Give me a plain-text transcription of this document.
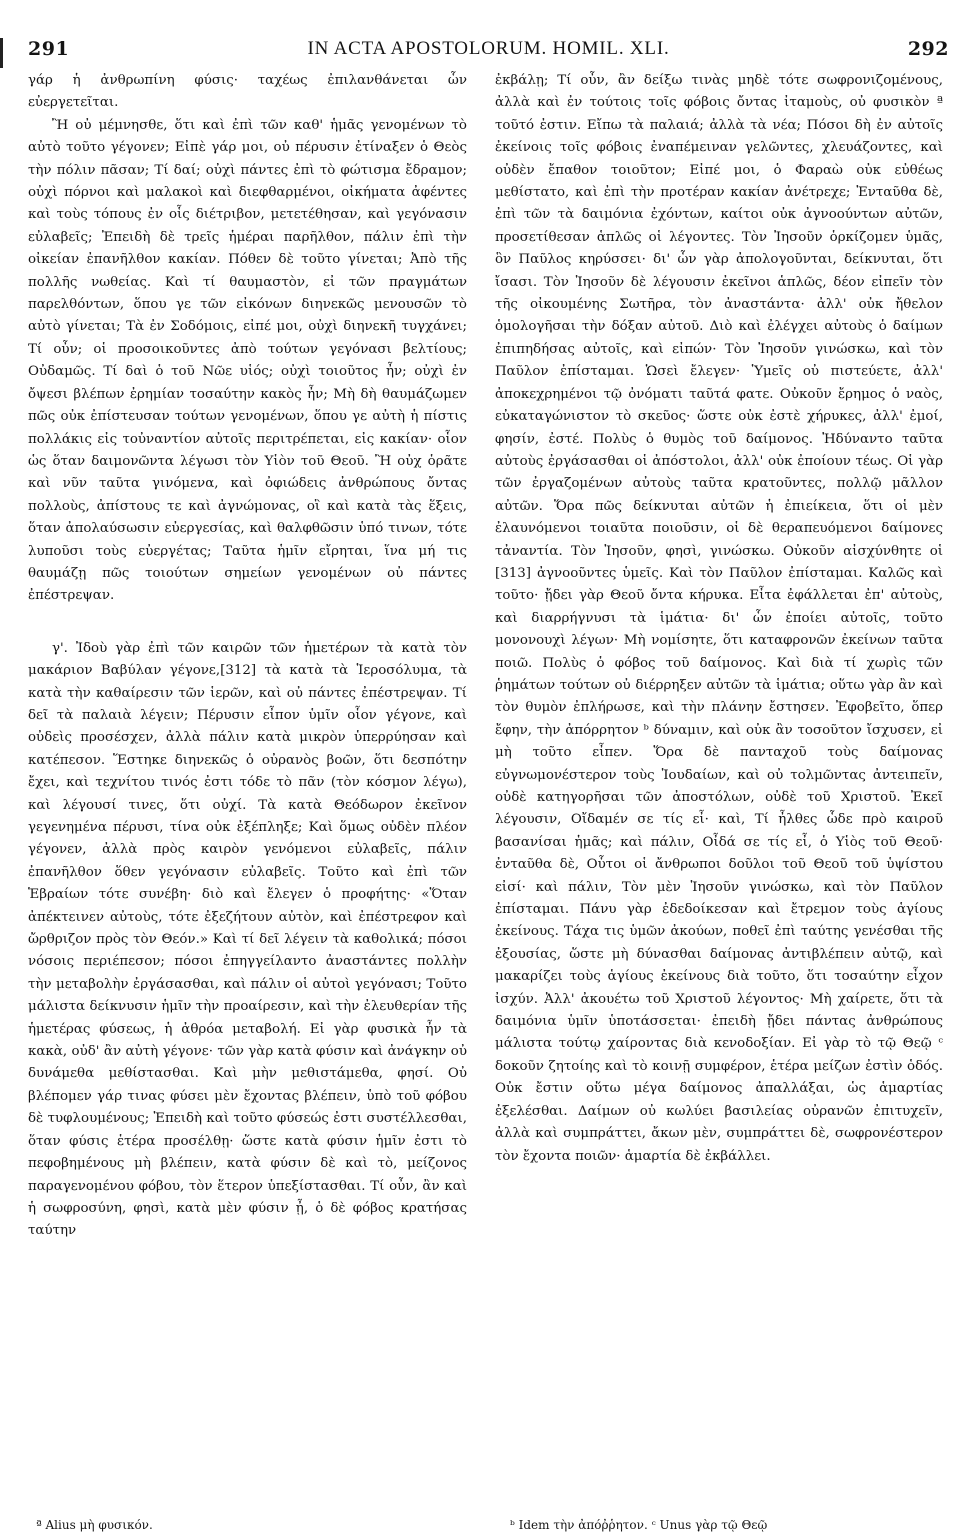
291	IN ACTA APOSTOLORUM. HOMIL. XLI.	292

γάρ ἡ ἀνθρωπίνη φύσις· ταχέως ἐπιλανθάνεται ὧν εὐεργετεῖται.

Ἢ οὐ μέμνησθε, ὅτι καὶ ἐπὶ τῶν καθ' ἡμᾶς γενομένων τὸ αὐτὸ τοῦτο γέγονεν; Εἰπὲ γάρ μοι, οὐ πέρυσιν ἐτίναξεν ὁ Θεὸς τὴν πόλιν πᾶσαν; Τί δαί; οὐχὶ πάντες ἐπὶ τὸ φώτισμα ἔδραμον; οὐχὶ πόρνοι καὶ μαλακοὶ καὶ διεφθαρμένοι, οἰκήματα ἀφέντες καὶ τοὺς τόπους ἐν οἷς διέτριβον, μετετέθησαν, καὶ γεγόνασιν εὐλαβεῖς; Ἐπειδὴ δὲ τρεῖς ἡμέραι παρῆλθον, πάλιν ἐπὶ τὴν οἰκείαν ἐπανῆλθον κακίαν. Πόθεν δὲ τοῦτο γίνεται; Ἀπὸ τῆς πολλῆς νωθείας. Καὶ τί θαυμαστὸν, εἰ τῶν πραγμάτων παρελθόντων, ὅπου γε τῶν εἰκόνων διηνεκῶς μενουσῶν τὸ αὐτὸ γίνεται; Τὰ ἐν Σοδόμοις, εἰπέ μοι, οὐχὶ διηνεκῆ τυγχάνει; Τί οὖν; οἱ προσοικοῦντες ἀπὸ τούτων γεγόνασι βελτίους; Οὐδαμῶς. Τί δαὶ ὁ τοῦ Νῶε υἱός; οὐχὶ τοιοῦτος ἦν; οὐχὶ ἐν ὄψεσι βλέπων ἐρημίαν τοσαύτην κακὸς ἦν; Μὴ δὴ θαυμάζωμεν πῶς οὐκ ἐπίστευσαν τούτων γενομένων, ὅπου γε αὐτὴ ἡ πίστις πολλάκις εἰς τοὐναντίον αὐτοῖς περιτρέπεται, εἰς κακίαν· οἷον ὡς ὅταν δαιμονῶντα λέγωσι τὸν Υἱὸν τοῦ Θεοῦ. Ἢ οὐχ ὁρᾶτε καὶ νῦν ταῦτα γινόμενα, καὶ ὀφιώδεις ἀνθρώπους ὄντας πολλοὺς, ἀπίστους τε καὶ ἀγνώμονας, οἳ καὶ κατὰ τὰς ἕξεις, ὅταν ἀπολαύσωσιν εὐεργεσίας, καὶ θαλφθῶσιν ὑπό τινων, τότε λυποῦσι τοὺς εὐεργέτας; Ταῦτα ἡμῖν εἴρηται, ἵνα μή τις θαυμάζῃ πῶς τοιούτων σημείων γενομένων οὐ πάντες ἐπέστρεψαν.

γ'. Ἰδοὺ γὰρ ἐπὶ τῶν καιρῶν τῶν ἡμετέρων τὰ κατὰ τὸν μακάριον Βαβύλαν γέγονε,[312] τὰ κατὰ τὰ Ἱεροσόλυμα, τὰ κατὰ τὴν καθαίρεσιν τῶν ἱερῶν, καὶ οὐ πάντες ἐπέστρεψαν. Τί δεῖ τὰ παλαιὰ λέγειν; Πέρυσιν εἶπον ὑμῖν οἷον γέγονε, καὶ οὐδεὶς προσέσχεν, ἀλλὰ πάλιν κατὰ μικρὸν ὑπερρύησαν καὶ κατέπεσον. Ἕστηκε διηνεκῶς ὁ οὐρανὸς βοῶν, ὅτι δεσπότην ἔχει, καὶ τεχνίτου τινός ἐστι τόδε τὸ πᾶν (τὸν κόσμον λέγω), καὶ λέγουσί τινες, ὅτι οὐχί. Τὰ κατὰ Θεόδωρον ἐκεῖνον γεγενημένα πέρυσι, τίνα οὐκ ἐξέπληξε; Καὶ ὅμως οὐδὲν πλέον γέγονεν, ἀλλὰ πρὸς καιρὸν γενόμενοι εὐλαβεῖς, πάλιν ἐπανῆλθον ὅθεν γεγόνασιν εὐλαβεῖς. Τοῦτο καὶ ἐπὶ τῶν Ἑβραίων τότε συνέβη· διὸ καὶ ἔλεγεν ὁ προφήτης· «Ὅταν ἀπέκτεινεν αὐτοὺς, τότε ἐξεζήτουν αὐτὸν, καὶ ἐπέστρεφον καὶ ὤρθριζον πρὸς τὸν Θεόν.» Καὶ τί δεῖ λέγειν τὰ καθολικά; πόσοι νόσοις περιέπεσον; πόσοι ἐπηγγείλαντο ἀναστάντες πολλὴν τὴν μεταβολὴν ἐργάσασθαι, καὶ πάλιν οἱ αὐτοὶ γεγόνασι; Τοῦτο μάλιστα δείκνυσιν ἡμῖν τὴν προαίρεσιν, καὶ τὴν ἐλευθερίαν τῆς ἡμετέρας φύσεως, ἡ ἀθρόα μεταβολή. Εἰ γὰρ φυσικὰ ἦν τὰ κακὰ, οὐδ' ἂν αὐτὴ γέγονε· τῶν γὰρ κατὰ φύσιν καὶ ἀνάγκην οὐ δυνάμεθα μεθίστασθαι. Καὶ μὴν μεθιστάμεθα, φησί. Οὐ βλέπομεν γάρ τινας φύσει μὲν ἔχοντας βλέπειν, ὑπὸ τοῦ φόβου δὲ τυφλουμένους; Ἐπειδὴ καὶ τοῦτο φύσεώς ἐστι συστέλλεσθαι, ὅταν φύσις ἑτέρα προσέλθῃ· ὥστε κατὰ φύσιν ἡμῖν ἐστι τὸ πεφοβημένους μὴ βλέπειν, κατὰ φύσιν δὲ καὶ τὸ, μείζονος παραγενομένου φόβου, τὸν ἕτερον ὑπεξίστασθαι. Τί οὖν, ἂν καὶ ἡ σωφροσύνη, φησὶ, κατὰ μὲν φύσιν ᾖ, ὁ δὲ φόβος κρατήσας ταύτην

ἐκβάλῃ; Τί οὖν, ἂν δείξω τινὰς μηδὲ τότε σωφρονιζομένους, ἀλλὰ καὶ ἐν τούτοις τοῖς φόβοις ὄντας ἰταμοὺς, οὐ φυσικὸν ª τοῦτό ἐστιν. Εἴπω τὰ παλαιά; ἀλλὰ τὰ νέα; Πόσοι δὴ ἐν αὐτοῖς ἐκείνοις τοῖς φόβοις ἐναπέμειναν γελῶντες, χλευάζοντες, καὶ οὐδὲν ἔπαθον τοιοῦτον; Εἰπέ μοι, ὁ Φαραὼ οὐκ εὐθέως μεθίστατο, καὶ ἐπὶ τὴν προτέραν κακίαν ἀνέτρεχε; Ἐνταῦθα δὲ, ἐπὶ τῶν τὰ δαιμόνια ἐχόντων, καίτοι οὐκ ἀγνοούντων αὐτῶν, προσετίθεσαν ἁπλῶς οἱ λέγοντες. Τὸν Ἰησοῦν ὁρκίζομεν ὑμᾶς, ὃν Παῦλος κηρύσσει· δι' ὧν γὰρ ἀπολογοῦνται, δείκνυται, ὅτι ἴσασι. Τὸν Ἰησοῦν δὲ λέγουσιν ἐκεῖνοι ἁπλῶς, δέον εἰπεῖν τὸν τῆς οἰκουμένης Σωτῆρα, τὸν ἀναστάντα· ἀλλ' οὐκ ἤθελον ὁμολογῆσαι τὴν δόξαν αὐτοῦ. Διὸ καὶ ἐλέγχει αὐτοὺς ὁ δαίμων ἐπιπηδήσας αὐτοῖς, καὶ εἰπών· Τὸν Ἰησοῦν γινώσκω, καὶ τὸν Παῦλον ἐπίσταμαι. Ὡσεὶ ἔλεγεν· Ὑμεῖς οὐ πιστεύετε, ἀλλ' ἀποκεχρημένοι τῷ ὀνόματι ταῦτά φατε. Οὐκοῦν ἔρημος ὁ ναὸς, εὐκαταγώνιστον τὸ σκεῦος· ὥστε οὐκ ἐστὲ χήρυκες, ἀλλ' ἐμοί, φησίν, ἐστέ. Πολὺς ὁ θυμὸς τοῦ δαίμονος. Ἠδύναντο ταῦτα αὐτοὺς ἐργάσασθαι οἱ ἀπόστολοι, ἀλλ' οὐκ ἐποίουν τέως. Οἱ γὰρ τῶν ἐργαζομένων αὐτοὺς ταῦτα κρατοῦντες, πολλῷ μᾶλλον αὐτῶν. Ὅρα πῶς δείκνυται αὐτῶν ἡ ἐπιείκεια, ὅτι οἱ μὲν ἐλαυνόμενοι τοιαῦτα ποιοῦσιν, οἱ δὲ θεραπευόμενοι δαίμονες τἀναντία. Τὸν Ἰησοῦν, φησὶ, γινώσκω. Οὐκοῦν αἰσχύνθητε οἱ [313] ἀγνοοῦντες ὑμεῖς. Καὶ τὸν Παῦλον ἐπίσταμαι. Καλῶς καὶ τοῦτο· ᾔδει γὰρ Θεοῦ ὄντα κήρυκα. Εἶτα ἐφάλλεται ἐπ' αὐτοὺς, καὶ διαρρήγνυσι τὰ ἱμάτια· δι' ὧν ἐποίει αὐτοῖς, τοῦτο μονονουχὶ λέγων· Μὴ νομίσητε, ὅτι καταφρονῶν ἐκείνων ταῦτα ποιῶ. Πολὺς ὁ φόβος τοῦ δαίμονος. Καὶ διὰ τί χωρὶς τῶν ῥημάτων τούτων οὐ διέρρηξεν αὐτῶν τὰ ἱμάτια; οὕτω γὰρ ἂν καὶ τὸν θυμὸν ἐπλήρωσε, καὶ τὴν πλάνην ἔστησεν. Ἐφοβεῖτο, ὅπερ ἔφην, τὴν ἀπόρρητον ᵇ δύναμιν, καὶ οὐκ ἂν τοσοῦτον ἴσχυσεν, εἰ μὴ τοῦτο εἶπεν. Ὅρα δὲ πανταχοῦ τοὺς δαίμονας εὐγνωμονέστερον τοὺς Ἰουδαίων, καὶ οὐ τολμῶντας ἀντειπεῖν, οὐδὲ κατηγορῆσαι τῶν ἀποστόλων, οὐδὲ τοῦ Χριστοῦ. Ἐκεῖ λέγουσιν, Οἴδαμέν σε τίς εἶ· καὶ, Τί ἦλθες ὧδε πρὸ καιροῦ βασανίσαι ἡμᾶς; καὶ πάλιν, Οἶδά σε τίς εἶ, ὁ Υἱὸς τοῦ Θεοῦ· ἐνταῦθα δὲ, Οὗτοι οἱ ἄνθρωποι δοῦλοι τοῦ Θεοῦ τοῦ ὑψίστου εἰσί· καὶ πάλιν, Τὸν μὲν Ἰησοῦν γινώσκω, καὶ τὸν Παῦλον ἐπίσταμαι. Πάνυ γὰρ ἐδεδοίκεσαν καὶ ἔτρεμον τοὺς ἁγίους ἐκείνους. Τάχα τις ὑμῶν ἀκούων, ποθεῖ ἐπὶ ταύτης γενέσθαι τῆς ἐξουσίας, ὥστε μὴ δύνασθαι δαίμονας ἀντιβλέπειν αὐτῷ, καὶ μακαρίζει τοὺς ἁγίους ἐκείνους διὰ τοῦτο, ὅτι τοσαύτην εἶχον ἰσχύν. Ἀλλ' ἀκουέτω τοῦ Χριστοῦ λέγοντος· Μὴ χαίρετε, ὅτι τὰ δαιμόνια ὑμῖν ὑποτάσσεται· ἐπειδὴ ᾔδει πάντας ἀνθρώπους μάλιστα τούτῳ χαίροντας διὰ κενοδοξίαν. Εἰ γὰρ τὸ τῷ Θεῷ ᶜ δοκοῦν ζητοίης καὶ τὸ κοινῇ συμφέρον, ἑτέρα μείζων ἐστὶν ὁδός. Οὐκ ἔστιν οὕτω μέγα δαίμονος ἀπαλλάξαι, ὡς ἁμαρτίας ἐξελέσθαι. Δαίμων οὐ κωλύει βασιλείας οὐρανῶν ἐπιτυχεῖν, ἀλλὰ καὶ συμπράττει, ἄκων μὲν, συμπράττει δὲ, σωφρονέστερον τὸν ἔχοντα ποιῶν· ἁμαρτία δὲ ἐκβάλλει.

ª Alius μὴ φυσικόν.	ᵇ Idem τὴν ἀπόῤῥητον. ᶜ Unus γὰρ τῷ Θεῷ
